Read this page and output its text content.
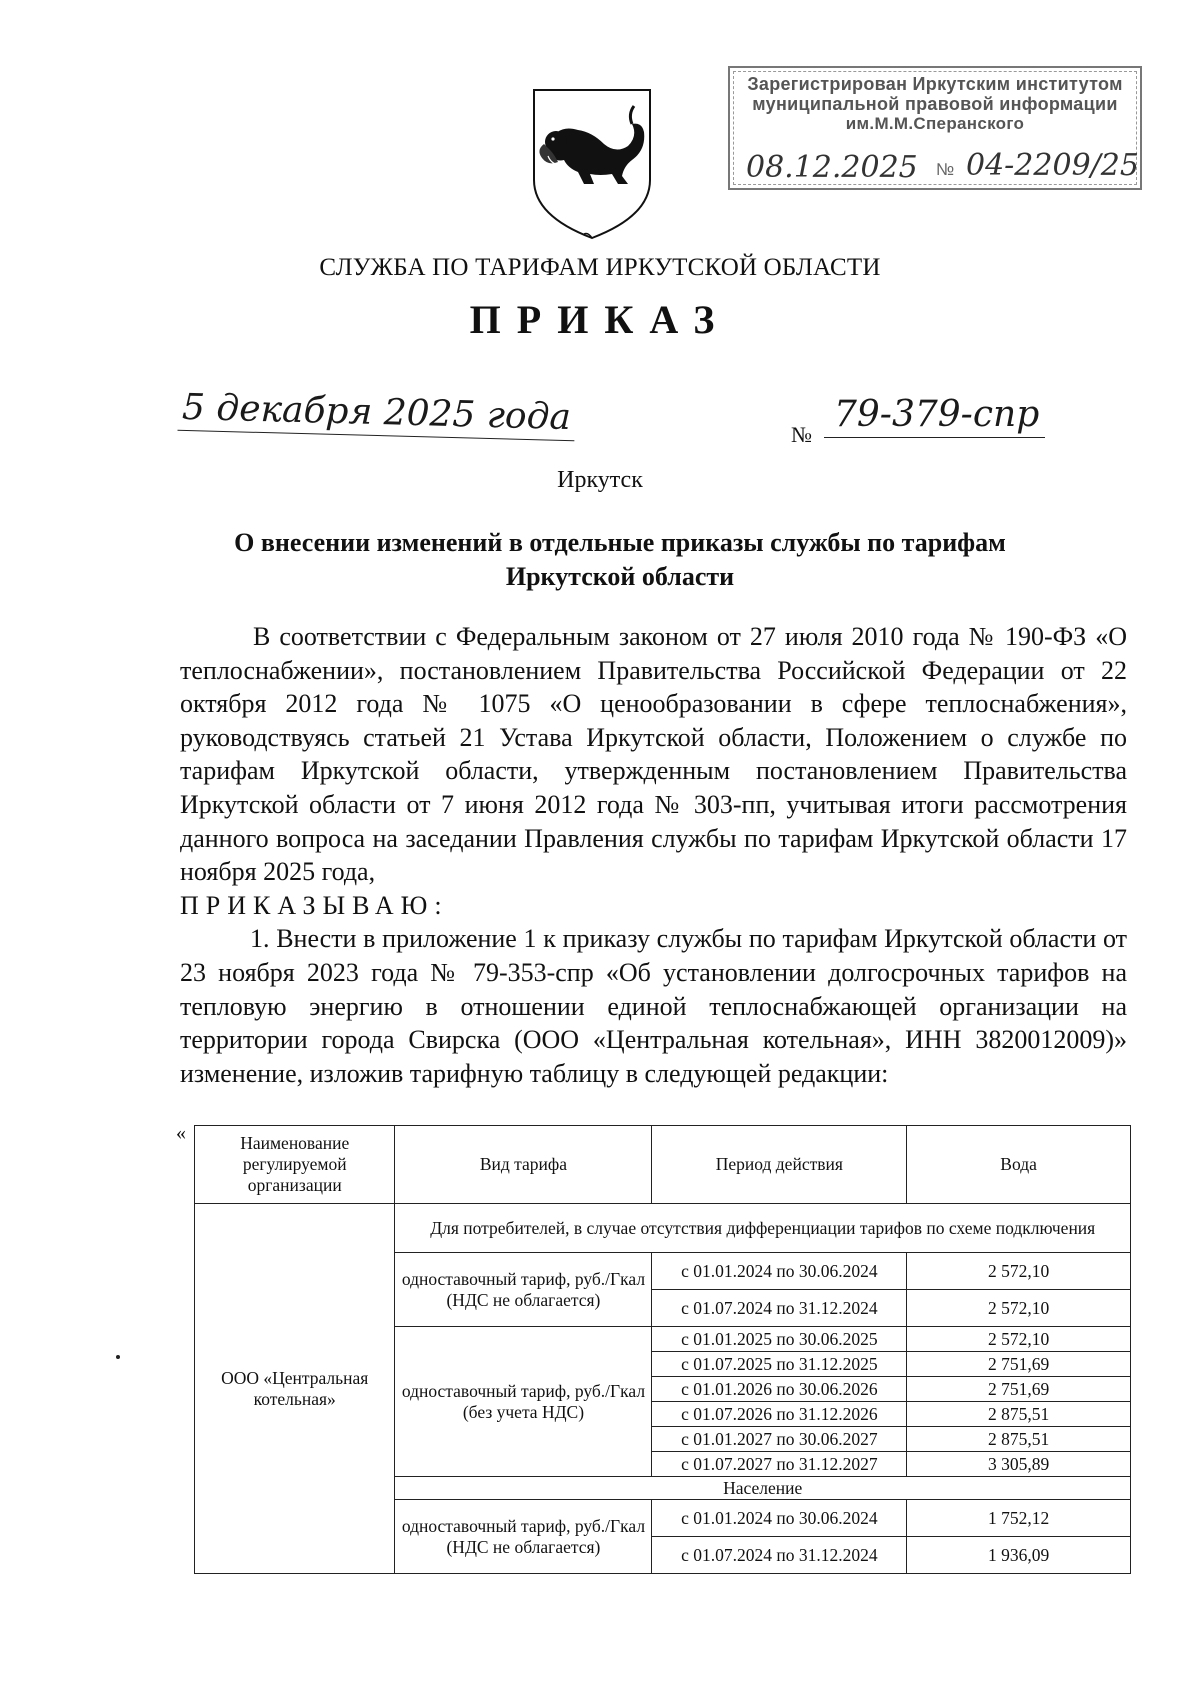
Зарегистрирован Иркутским институтом
муниципальной правовой информации
им.М.М.Сперанского
08.12.2025 № 04-2209/25
СЛУЖБА ПО ТАРИФАМ ИРКУТСКОЙ ОБЛАСТИ
ПРИКАЗ
5 декабря 2025 года	№ 79-379-спр
Иркутск
О внесении изменений в отдельные приказы службы по тарифам Иркутской области

В соответствии с Федеральным законом от 27 июля 2010 года № 190-ФЗ «О теплоснабжении», постановлением Правительства Российской Федерации от 22 октября 2012 года № 1075 «О ценообразовании в сфере теплоснабжения», руководствуясь статьей 21 Устава Иркутской области, Положением о службе по тарифам Иркутской области, утвержденным постановлением Правительства Иркутской области от 7 июня 2012 года № 303-пп, учитывая итоги рассмотрения данного вопроса на заседании Правления службы по тарифам Иркутской области 17 ноября 2025 года,

ПРИКАЗЫВАЮ:

1. Внести в приложение 1 к приказу службы по тарифам Иркутской области от 23 ноября 2023 года № 79-353-спр «Об установлении долгосрочных тарифов на тепловую энергию в отношении единой теплоснабжающей организации на территории города Свирска (ООО «Центральная котельная», ИНН 3820012009)» изменение, изложив тарифную таблицу в следующей редакции:

«	Наименование регулируемой организации	Вид тарифа	Период действия	Вода
ООО «Центральная котельная»	Для потребителей, в случае отсутствия дифференциации тарифов по схеме подключения		
	одноставочный тариф, руб./Гкал (НДС не облагается)	с 01.01.2024 по 30.06.2024	2 572,10
		с 01.07.2024 по 31.12.2024	2 572,10
	одноставочный тариф, руб./Гкал (без учета НДС)	с 01.01.2025 по 30.06.2025	2 572,10
		с 01.07.2025 по 31.12.2025	2 751,69
		с 01.01.2026 по 30.06.2026	2 751,69
		с 01.07.2026 по 31.12.2026	2 875,51
		с 01.01.2027 по 30.06.2027	2 875,51
		с 01.07.2027 по 31.12.2027	3 305,89
	Население		
	одноставочный тариф, руб./Гкал (НДС не облагается)	с 01.01.2024 по 30.06.2024	1 752,12
		с 01.07.2024 по 31.12.2024	1 936,09
